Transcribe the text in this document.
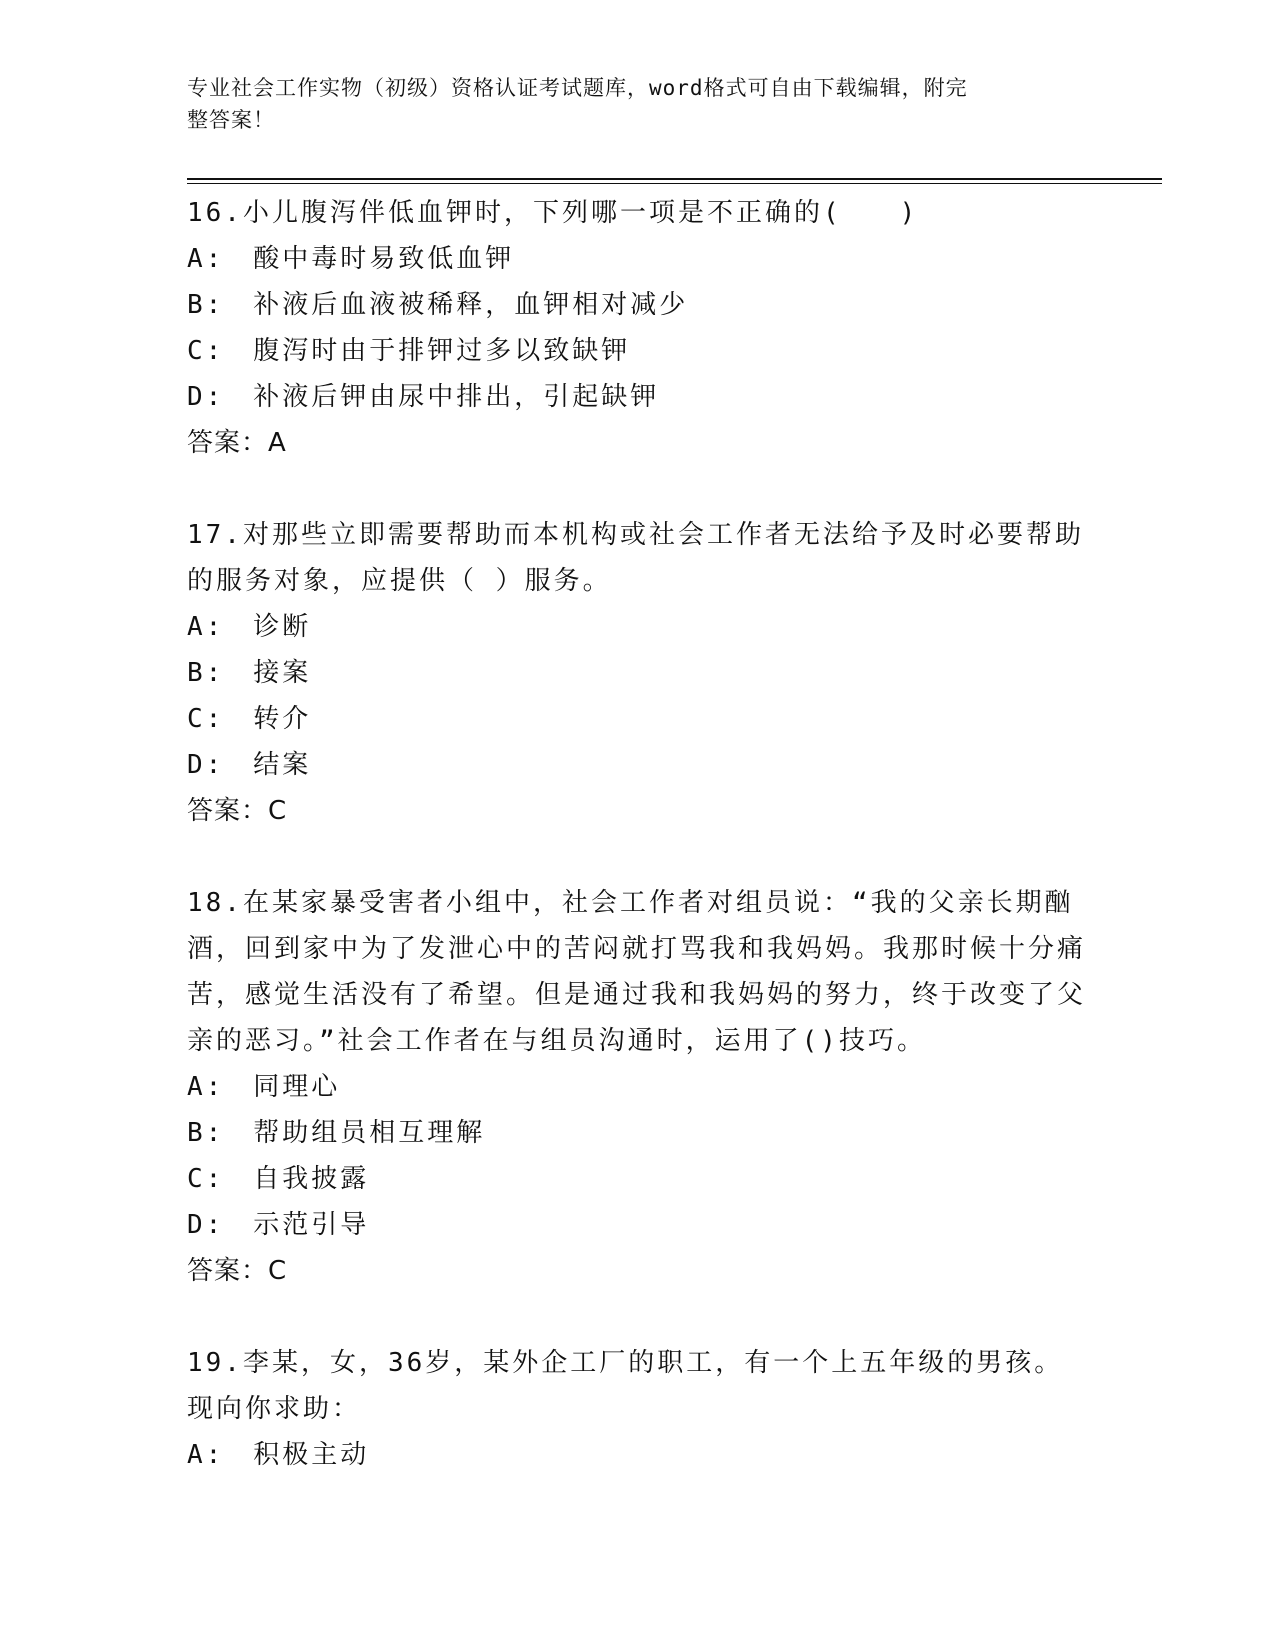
专业社会工作实物（初级）资格认证考试题库，word格式可自由下载编辑，附完
整答案！
16.小儿腹泻伴低血钾时，下列哪一项是不正确的(　　)
A:　酸中毒时易致低血钾
B:　补液后血液被稀释，血钾相对减少
C:　腹泻时由于排钾过多以致缺钾
D:　补液后钾由尿中排出，引起缺钾
答案：A
17.对那些立即需要帮助而本机构或社会工作者无法给予及时必要帮助的服务对象，应提供（ ）服务。
A:　诊断
B:　接案
C:　转介
D:　结案
答案：C
18.在某家暴受害者小组中，社会工作者对组员说：“我的父亲长期酗酒，回到家中为了发泄心中的苦闷就打骂我和我妈妈。我那时候十分痛苦，感觉生活没有了希望。但是通过我和我妈妈的努力，终于改变了父亲的恶习。”社会工作者在与组员沟通时，运用了()技巧。
A:　同理心
B:　帮助组员相互理解
C:　自我披露
D:　示范引导
答案：C
19.李某，女，36岁，某外企工厂的职工，有一个上五年级的男孩。现向你求助：
A:　积极主动
